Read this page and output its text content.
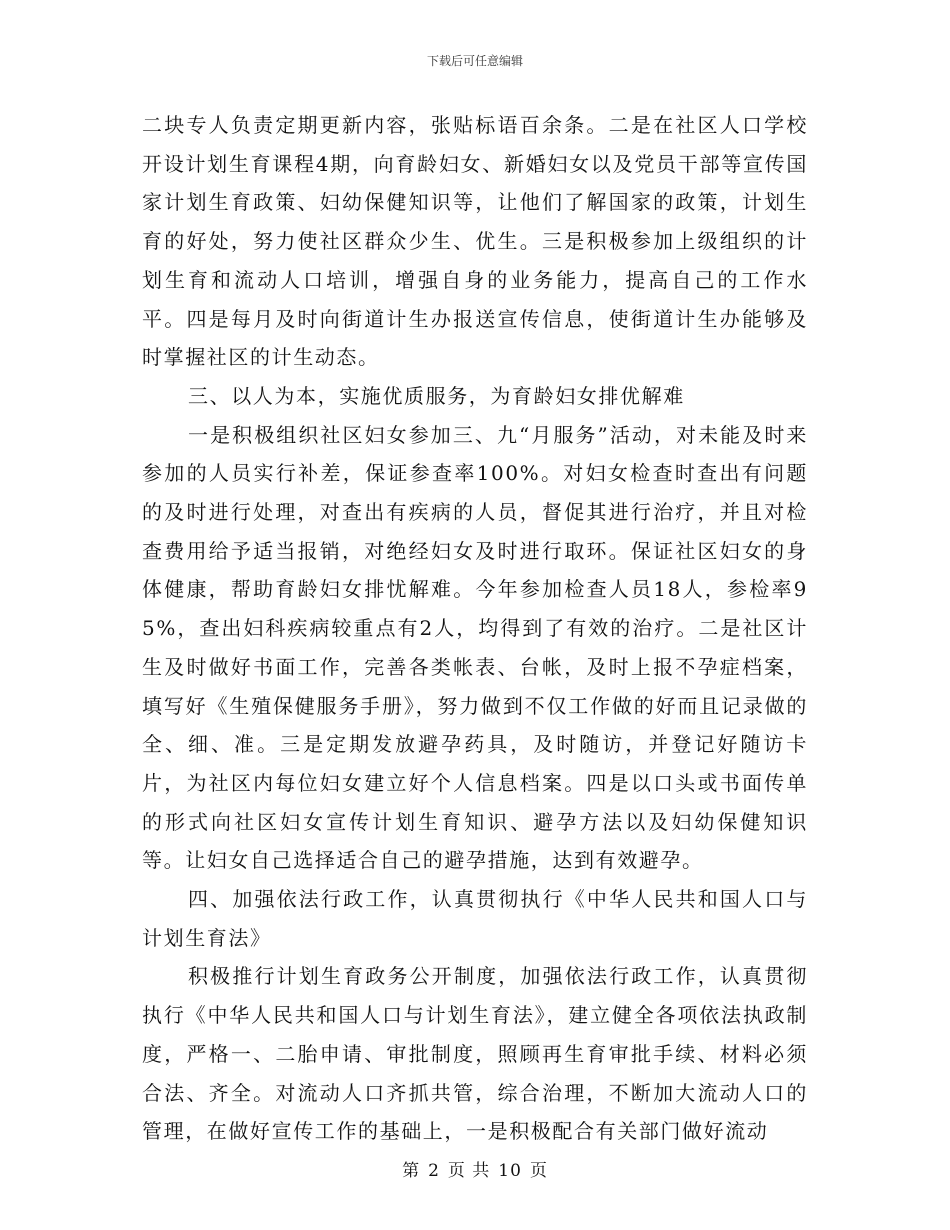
下载后可任意编辑

二块专人负责定期更新内容，张贴标语百余条。二是在社区人口学校开设计划生育课程4期，向育龄妇女、新婚妇女以及党员干部等宣传国家计划生育政策、妇幼保健知识等，让他们了解国家的政策，计划生育的好处，努力使社区群众少生、优生。三是积极参加上级组织的计划生育和流动人口培训，增强自身的业务能力，提高自己的工作水平。四是每月及时向街道计生办报送宣传信息，使街道计生办能够及时掌握社区的计生动态。

三、以人为本，实施优质服务，为育龄妇女排优解难

一是积极组织社区妇女参加三、九“月服务”活动，对未能及时来参加的人员实行补差，保证参查率100%。对妇女检查时查出有问题的及时进行处理，对查出有疾病的人员，督促其进行治疗，并且对检查费用给予适当报销，对绝经妇女及时进行取环。保证社区妇女的身体健康，帮助育龄妇女排忧解难。今年参加检查人员18人，参检率95%，查出妇科疾病较重点有2人，均得到了有效的治疗。二是社区计生及时做好书面工作，完善各类帐表、台帐，及时上报不孕症档案，填写好《生殖保健服务手册》，努力做到不仅工作做的好而且记录做的全、细、准。三是定期发放避孕药具，及时随访，并登记好随访卡片，为社区内每位妇女建立好个人信息档案。四是以口头或书面传单的形式向社区妇女宣传计划生育知识、避孕方法以及妇幼保健知识等。让妇女自己选择适合自己的避孕措施，达到有效避孕。

四、加强依法行政工作，认真贯彻执行《中华人民共和国人口与计划生育法》

积极推行计划生育政务公开制度，加强依法行政工作，认真贯彻执行《中华人民共和国人口与计划生育法》，建立健全各项依法执政制度，严格一、二胎申请、审批制度，照顾再生育审批手续、材料必须合法、齐全。对流动人口齐抓共管，综合治理，不断加大流动人口的管理，在做好宣传工作的基础上，一是积极配合有关部门做好流动

第 2 页 共 10 页
